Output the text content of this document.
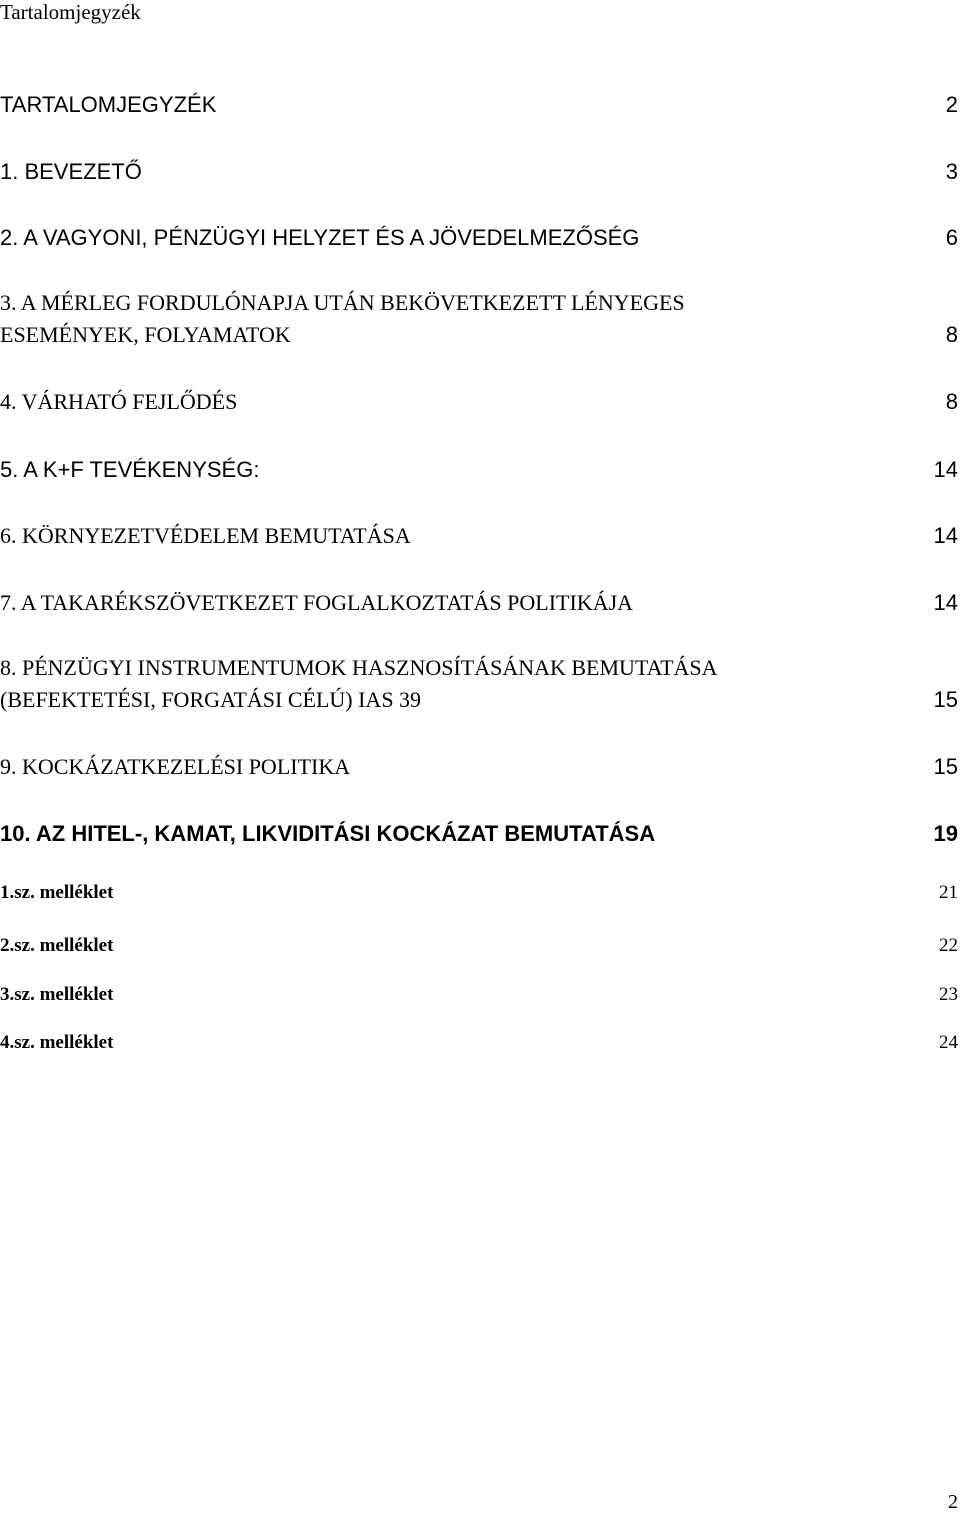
Tartalomjegyzék
TARTALOMJEGYZÉK	2
1. BEVEZETŐ	3
2. A VAGYONI, PÉNZÜGYI HELYZET ÉS A JÖVEDELMEZŐSÉG	6
3. A MÉRLEG FORDULÓNAPJA UTÁN BEKÖVETKEZETT LÉNYEGES
ESEMÉNYEK, FOLYAMATOK	8
4. VÁRHATÓ FEJLŐDÉS	8
5. A K+F TEVÉKENYSÉG:	14
6. KÖRNYEZETVÉDELEM BEMUTATÁSA	14
7. A TAKARÉKSZÖVETKEZET FOGLALKOZTATÁS POLITIKÁJA	14
8. PÉNZÜGYI INSTRUMENTUMOK HASZNOSÍTÁSÁNAK BEMUTATÁSA
(BEFEKTETÉSI, FORGATÁSI CÉLÚ) IAS 39	15
9. KOCKÁZATKEZELÉSI POLITIKA	15
10. AZ HITEL-, KAMAT, LIKVIDITÁSI KOCKÁZAT BEMUTATÁSA	19
1.sz. melléklet	21
2.sz. melléklet	22
3.sz. melléklet	23
4.sz. melléklet	24
2
